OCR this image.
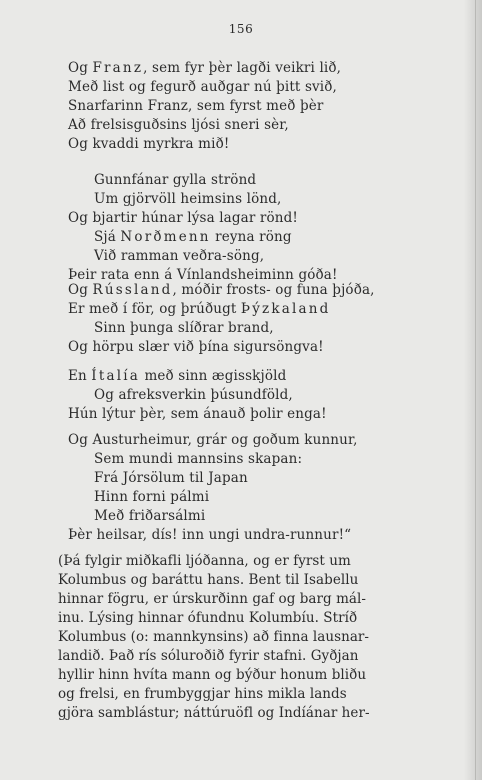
156
Og Franz, sem fyr þèr lagði veikri lið,
Með list og fegurð auðgar nú þitt svið,
Snarfarinn Franz, sem fyrst með þèr
Að frelsisguðsins ljósi sneri sèr,
Og kvaddi myrkra mið!
Gunnfánar gylla strönd
Um gjörvöll heimsins lönd,
Og bjartir húnar lýsa lagar rönd!
Sjá Norðmenn reyna röng
Við ramman veðra-söng,
Þeir rata enn á Vínlandsheiminn góða!
Og Rússland, móðir frosts- og funa þjóða,
Er með í för, og þrúðugt Þýzkaland
Sinn þunga slíðrar brand,
Og hörpu slær við þína sigursöngva!
En Ítalía með sinn ægisskjöld
Og afreksverkin þúsundföld,
Hún lýtur þèr, sem ánauð þolir enga!
Og Austurheimur, grár og goðum kunnur,
Sem mundi mannsins skapan:
Frá Jórsölum til Japan
Hinn forni pálmi
Með friðarsálmi
Þèr heilsar, dís! inn ungi undra-runnur!“
(Þá fylgir miðkafli ljóðanna, og er fyrst um
Kolumbus og baráttu hans. Bent til Isabellu
hinnar fögru, er úrskurðinn gaf og barg mál-
inu. Lýsing hinnar ófundnu Kolumbíu. Stríð
Kolumbus (o: mannkynsins) að finna lausnar-
landið. Það rís sóluroðið fyrir stafni. Gyðjan
hyllir hinn hvíta mann og býður honum bliðu
og frelsi, en frumbyggjar hins mikla lands
gjöra samblástur; náttúruöfl og Indíánar her-
